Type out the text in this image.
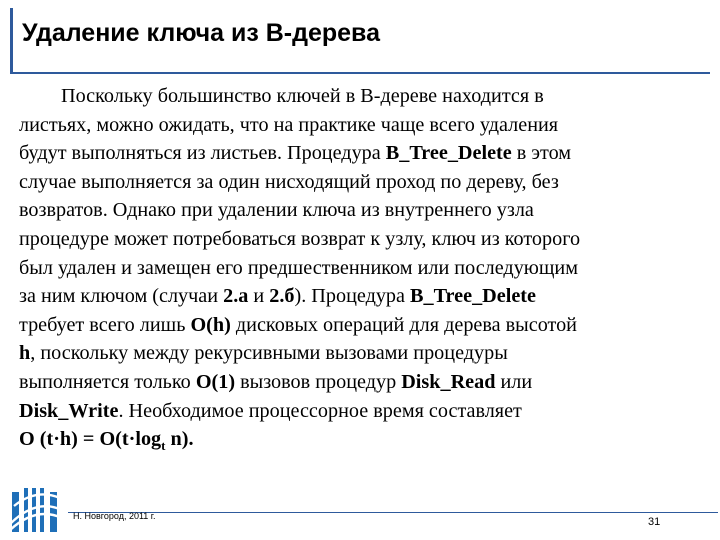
Удаление ключа из B-дерева
Поскольку большинство ключей в B-дереве находится в
листьях, можно ожидать, что на практике чаще всего удаления
будут выполняться из листьев. Процедура B_Tree_Delete в этом
случае выполняется за один нисходящий проход по дереву, без
возвратов. Однако при удалении ключа из внутреннего узла
процедуре может потребоваться возврат к узлу, ключ из которого
был удален и замещен его предшественником или последующим
за ним ключом (случаи 2.а и 2.б). Процедура B_Tree_Delete
требует всего лишь O(h) дисковых операций для дерева высотой
h, поскольку между рекурсивными вызовами процедуры
выполняется только O(1) вызовов процедур Disk_Read или
Disk_Write. Необходимое процессорное время составляет
O $(t\cdot h) = O(t\cdot\log_t$ n).
Н. Новгород, 2011 г.	31
